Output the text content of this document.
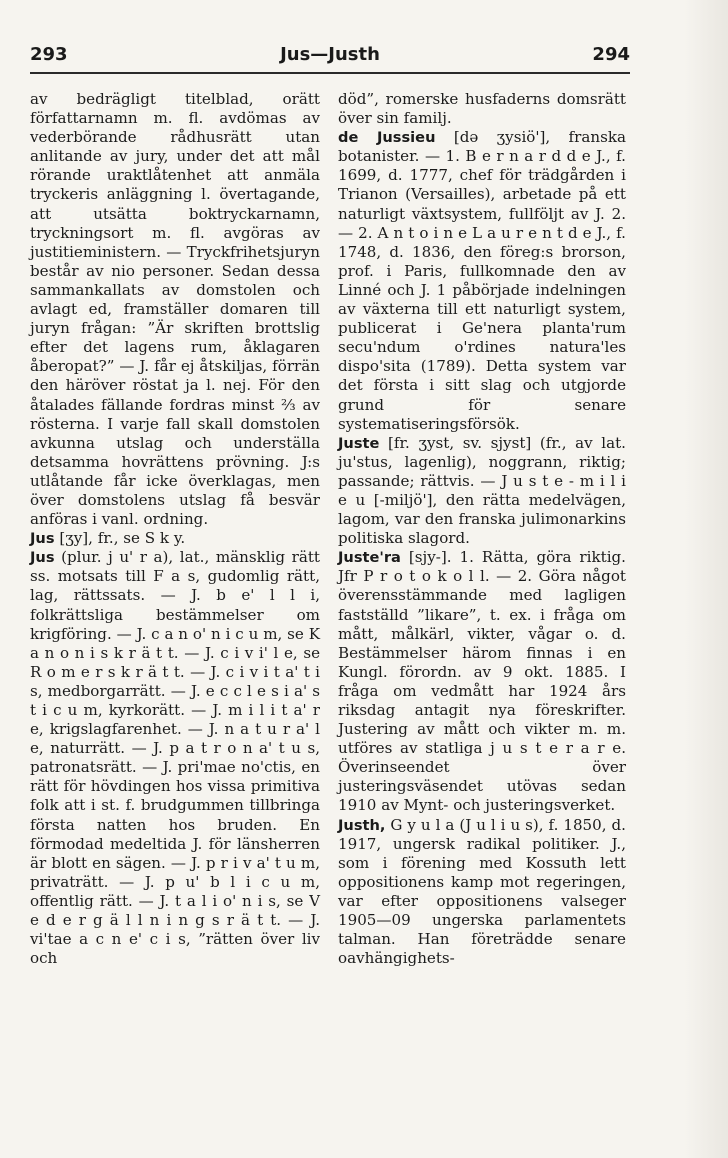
293	Jus—Justh	294

av bedrägligt titelblad, orätt författarnamn m. fl. avdömas av vederbörande rådhusrätt utan anlitande av jury, under det att mål rörande uraktlåtenhet att anmäla tryckeris anläggning l. övertagande, att utsätta boktryckarnamn, tryckningsort m. fl. avgöras av justitieministern. — Tryckfrihetsjuryn består av nio personer. Sedan dessa sammankallats av domstolen och avlagt ed, framställer domaren till juryn frågan: ”Är skriften brottslig efter det lagens rum, åklagaren åberopat?” — J. får ej åtskiljas, förrän den häröver röstat ja l. nej. För den åtalades fällande fordras minst ⅔ av rösterna. I varje fall skall domstolen avkunna utslag och underställa detsamma hovrättens prövning. J:s utlåtande får icke överklagas, men över domstolens utslag få besvär anföras i vanl. ordning.

Jus [ʒy], fr., se S k y.

Jus (plur. j u' r a), lat., mänsklig rätt ss. motsats till F a s, gudomlig rätt, lag, rättssats. — J. b e' l l i, folkrättsliga bestämmelser om krigföring. — J. c a n o' n i c u m, se K a n o n i s k r ä t t. — J. c i v i' l e, se R o m e r s k r ä t t. — J. c i v i t a' t i s, medborgarrätt. — J. e c c l e s i a' s t i c u m, kyrkorätt. — J. m i l i t a' r e, krigslagfarenhet. — J. n a t u r a' l e, naturrätt. — J. p a t r o n a' t u s, patronatsrätt. — J. pri'mae no'ctis, en rätt för hövdingen hos vissa primitiva folk att i st. f. brudgummen tillbringa första natten hos bruden. En förmodad medeltida J. för länsherren är blott en sägen. — J. p r i v a' t u m, privaträtt. — J. p u' b l i c u m, offentlig rätt. — J. t a l i o' n i s, se V e d e r g ä l l n i n g s r ä t t. — J. vi'tae a c n e' c i s, ”rätten över liv och

död”, romerske husfaderns domsrätt över sin familj.

de Jussieu [də ʒysiö'], franska botanister. — 1. B e r n a r d d e J., f. 1699, d. 1777, chef för trädgården i Trianon (Versailles), arbetade på ett naturligt växtsystem, fullföljt av J. 2. — 2. A n t o i n e L a u r e n t d e J., f. 1748, d. 1836, den föreg:s brorson, prof. i Paris, fullkomnade den av Linné och J. 1 påbörjade indelningen av växterna till ett naturligt system, publicerat i Ge'nera planta'rum secu'ndum o'rdines natura'les dispo'sita (1789). Detta system var det första i sitt slag och utgjorde grund för senare systematiseringsförsök.

Juste [fr. ʒyst, sv. sjyst] (fr., av lat. ju'stus, lagenlig), noggrann, riktig; passande; rättvis. — J u s t e - m i l i e u [-miljö'], den rätta medelvägen, lagom, var den franska julimonarkins politiska slagord.

Juste'ra [sjy-]. 1. Rätta, göra riktig. Jfr P r o t o k o l l. — 2. Göra något överensstämmande med lagligen fastställd ”likare”, t. ex. i fråga om mått, målkärl, vikter, vågar o. d. Bestämmelser härom finnas i en Kungl. förordn. av 9 okt. 1885. I fråga om vedmått har 1924 års riksdag antagit nya föreskrifter. Justering av mått och vikter m. m. utföres av statliga j u s t e r a r e. Överinseendet över justeringsväsendet utövas sedan 1910 av Mynt- och justeringsverket.

Justh, G y u l a (J u l i u s), f. 1850, d. 1917, ungersk radikal politiker. J., som i förening med Kossuth lett oppositionens kamp mot regeringen, var efter oppositionens valseger 1905—09 ungerska parlamentets talman. Han företrädde senare oavhängighets-
